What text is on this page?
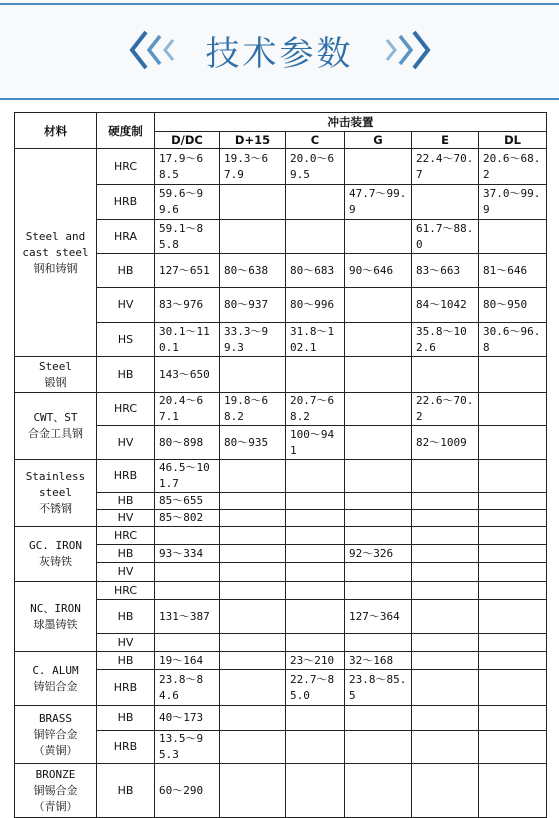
技术参数
材料	硬度制	冲击装置					
		D/DC	D+15	C	G	E	DL

Steel and
cast steel
钢和铸钢	HRC	17.9～68.5	19.3～67.9	20.0～69.5		22.4～70.7	20.6～68.2
	HRB	59.6～99.6			47.7～99.9		37.0～99.9
	HRA	59.1～85.8				61.7～88.0	
	HB	127～651	80～638	80～683	90～646	83～663	81～646
	HV	83～976	80～937	80～996		84～1042	80～950
	HS	30.1～110.1	33.3～99.3	31.8～102.1		35.8～102.6	30.6～96.8

Steel
锻钢	HB	143～650					

CWT、ST
合金工具钢	HRC	20.4～67.1	19.8～68.2	20.7～68.2		22.6～70.2	
	HV	80～898	80～935	100～941		82～1009	

Stainless
steel
不锈钢	HRB	46.5～101.7					
	HB	85～655					
	HV	85～802					

GC. IRON
灰铸铁	HRC						
	HB	93～334			92～326		
	HV						

NC、IRON
球墨铸铁	HRC						
	HB	131～387			127～364		
	HV						

C. ALUM
铸铝合金	HB	19～164		23～210	32～168		
	HRB	23.8～84.6		22.7～85.0	23.8～85.5		

BRASS
铜锌合金
（黄铜）	HB	40～173					
	HRB	13.5～95.3					

BRONZE
铜锡合金
（青铜）	HB	60～290					
